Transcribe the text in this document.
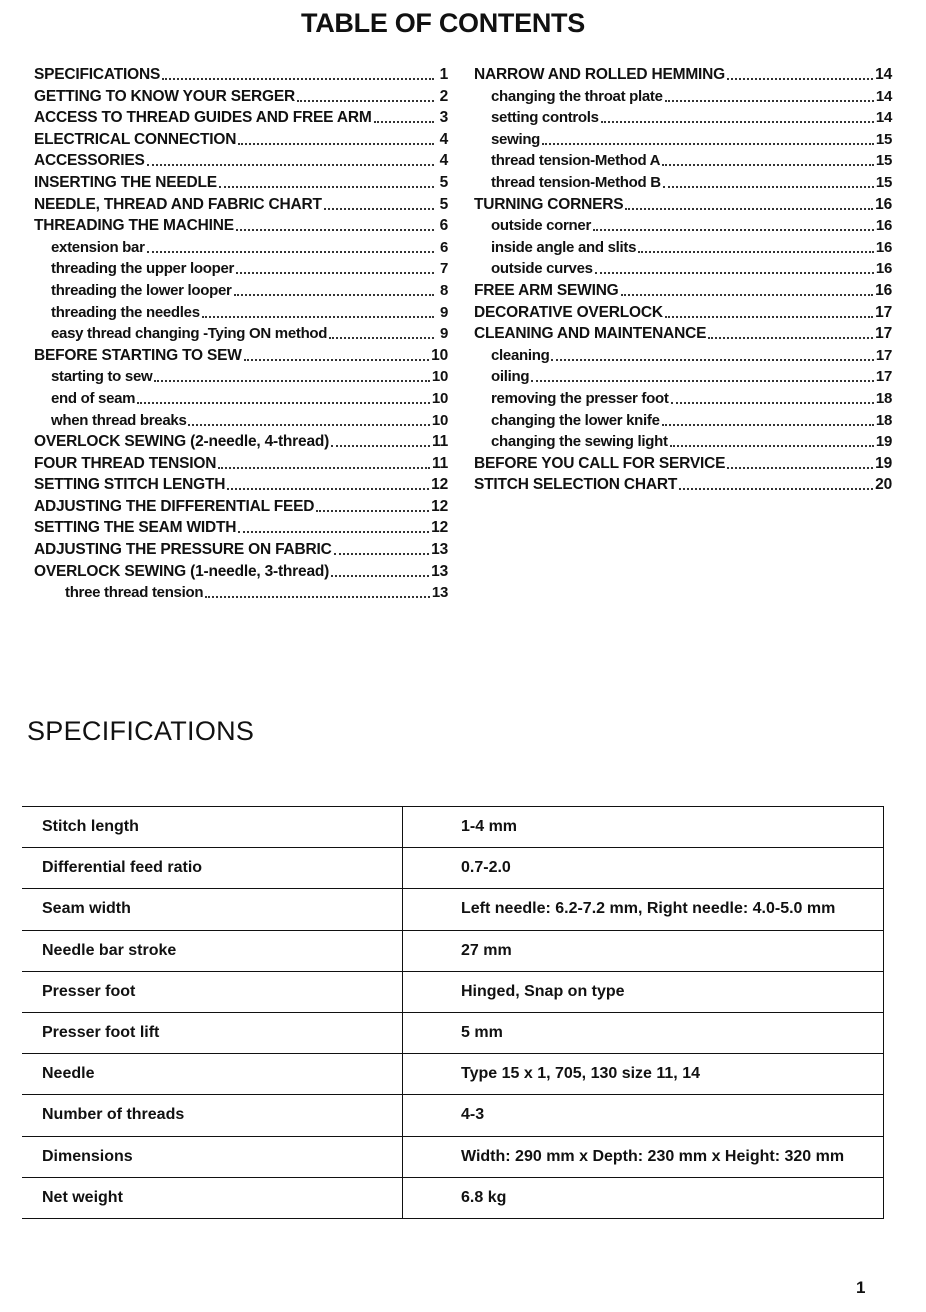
TABLE OF CONTENTS
SPECIFICATIONS	1
GETTING TO KNOW YOUR SERGER	2
ACCESS TO THREAD GUIDES AND FREE ARM	3
ELECTRICAL CONNECTION	4
ACCESSORIES	4
INSERTING THE NEEDLE	5
NEEDLE, THREAD AND FABRIC CHART	5
THREADING THE MACHINE	6
extension bar	6
threading the upper looper	7
threading the lower looper	8
threading the needles	9
easy thread changing -Tying ON method	9
BEFORE STARTING TO SEW	10
starting to sew	10
end of seam	10
when thread breaks	10
OVERLOCK SEWING (2-needle, 4-thread)	11
FOUR THREAD TENSION	11
SETTING STITCH LENGTH	12
ADJUSTING THE DIFFERENTIAL FEED	12
SETTING THE SEAM WIDTH	12
ADJUSTING THE PRESSURE ON FABRIC	13
OVERLOCK SEWING (1-needle, 3-thread)	13
three thread tension	13
NARROW AND ROLLED HEMMING	14
changing the throat plate	14
setting controls	14
sewing	15
thread tension-Method A	15
thread tension-Method B	15
TURNING CORNERS	16
outside corner	16
inside angle and slits	16
outside curves	16
FREE ARM SEWING	16
DECORATIVE OVERLOCK	17
CLEANING AND MAINTENANCE	17
cleaning	17
oiling	17
removing the presser foot	18
changing the lower knife	18
changing the sewing light	19
BEFORE YOU CALL FOR SERVICE	19
STITCH SELECTION CHART	20
SPECIFICATIONS
Stitch length	1-4 mm
Differential feed ratio	0.7-2.0
Seam width	Left needle: 6.2-7.2 mm, Right needle: 4.0-5.0 mm
Needle bar stroke	27 mm
Presser foot	Hinged, Snap on type
Presser foot lift	5 mm
Needle	Type 15 x 1, 705, 130 size 11, 14
Number of threads	4-3
Dimensions	Width: 290 mm x Depth: 230 mm x Height: 320 mm
Net weight	6.8 kg
1
